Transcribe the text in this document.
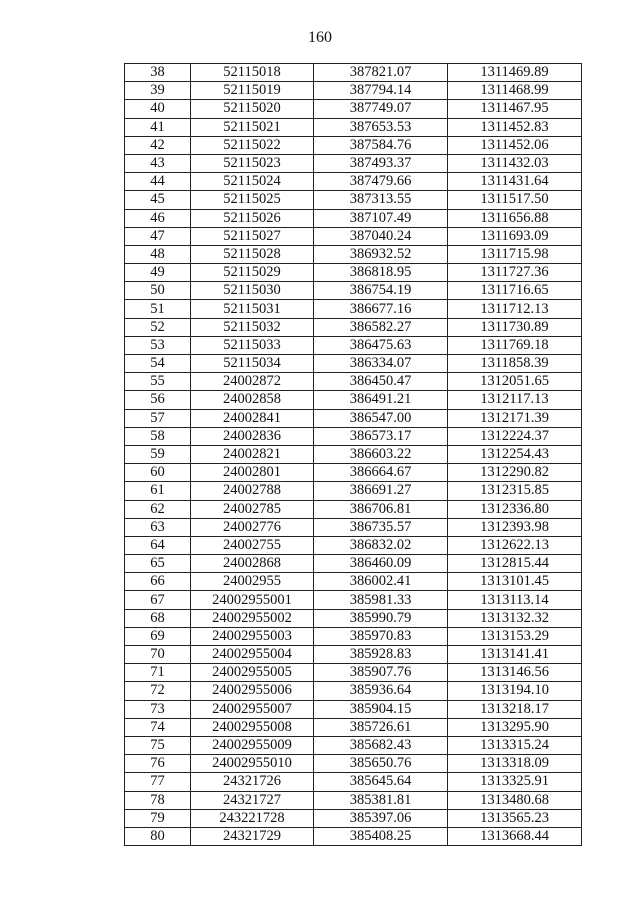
160
38	52115018	387821.07	1311469.89
39	52115019	387794.14	1311468.99
40	52115020	387749.07	1311467.95
41	52115021	387653.53	1311452.83
42	52115022	387584.76	1311452.06
43	52115023	387493.37	1311432.03
44	52115024	387479.66	1311431.64
45	52115025	387313.55	1311517.50
46	52115026	387107.49	1311656.88
47	52115027	387040.24	1311693.09
48	52115028	386932.52	1311715.98
49	52115029	386818.95	1311727.36
50	52115030	386754.19	1311716.65
51	52115031	386677.16	1311712.13
52	52115032	386582.27	1311730.89
53	52115033	386475.63	1311769.18
54	52115034	386334.07	1311858.39
55	24002872	386450.47	1312051.65
56	24002858	386491.21	1312117.13
57	24002841	386547.00	1312171.39
58	24002836	386573.17	1312224.37
59	24002821	386603.22	1312254.43
60	24002801	386664.67	1312290.82
61	24002788	386691.27	1312315.85
62	24002785	386706.81	1312336.80
63	24002776	386735.57	1312393.98
64	24002755	386832.02	1312622.13
65	24002868	386460.09	1312815.44
66	24002955	386002.41	1313101.45
67	24002955001	385981.33	1313113.14
68	24002955002	385990.79	1313132.32
69	24002955003	385970.83	1313153.29
70	24002955004	385928.83	1313141.41
71	24002955005	385907.76	1313146.56
72	24002955006	385936.64	1313194.10
73	24002955007	385904.15	1313218.17
74	24002955008	385726.61	1313295.90
75	24002955009	385682.43	1313315.24
76	24002955010	385650.76	1313318.09
77	24321726	385645.64	1313325.91
78	24321727	385381.81	1313480.68
79	243221728	385397.06	1313565.23
80	24321729	385408.25	1313668.44
